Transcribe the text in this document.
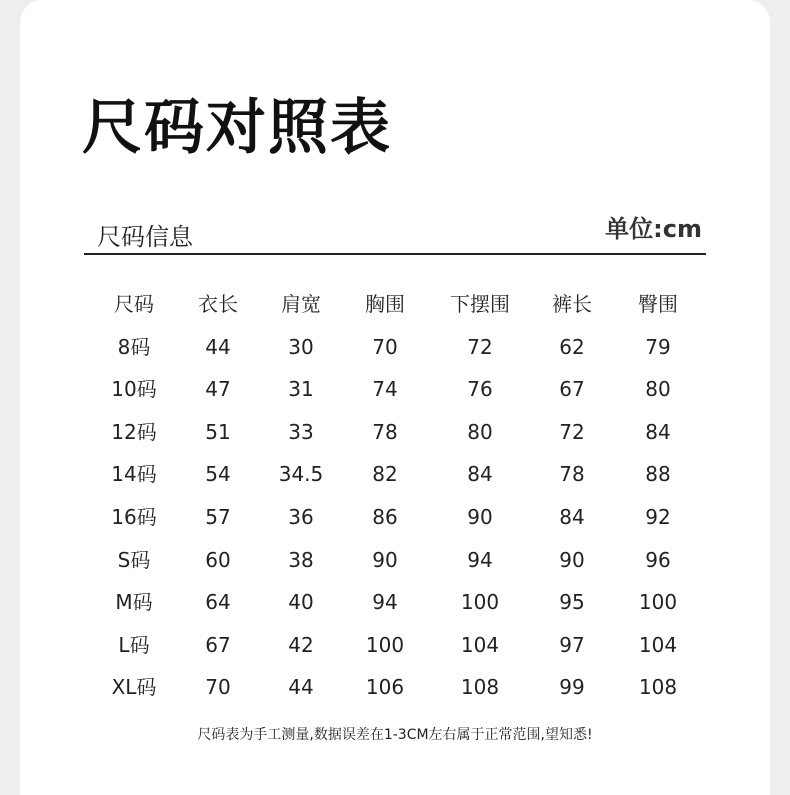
尺码对照表
尺码信息	单位:cm
尺码	衣长	肩宽	胸围	下摆围	裤长	臀围
8码	44	30	70	72	62	79
10码	47	31	74	76	67	80
12码	51	33	78	80	72	84
14码	54	34.5	82	84	78	88
16码	57	36	86	90	84	92
S码	60	38	90	94	90	96
M码	64	40	94	100	95	100
L码	67	42	100	104	97	104
XL码	70	44	106	108	99	108
尺码表为手工测量,数据误差在1-3CM左右属于正常范围,望知悉!
